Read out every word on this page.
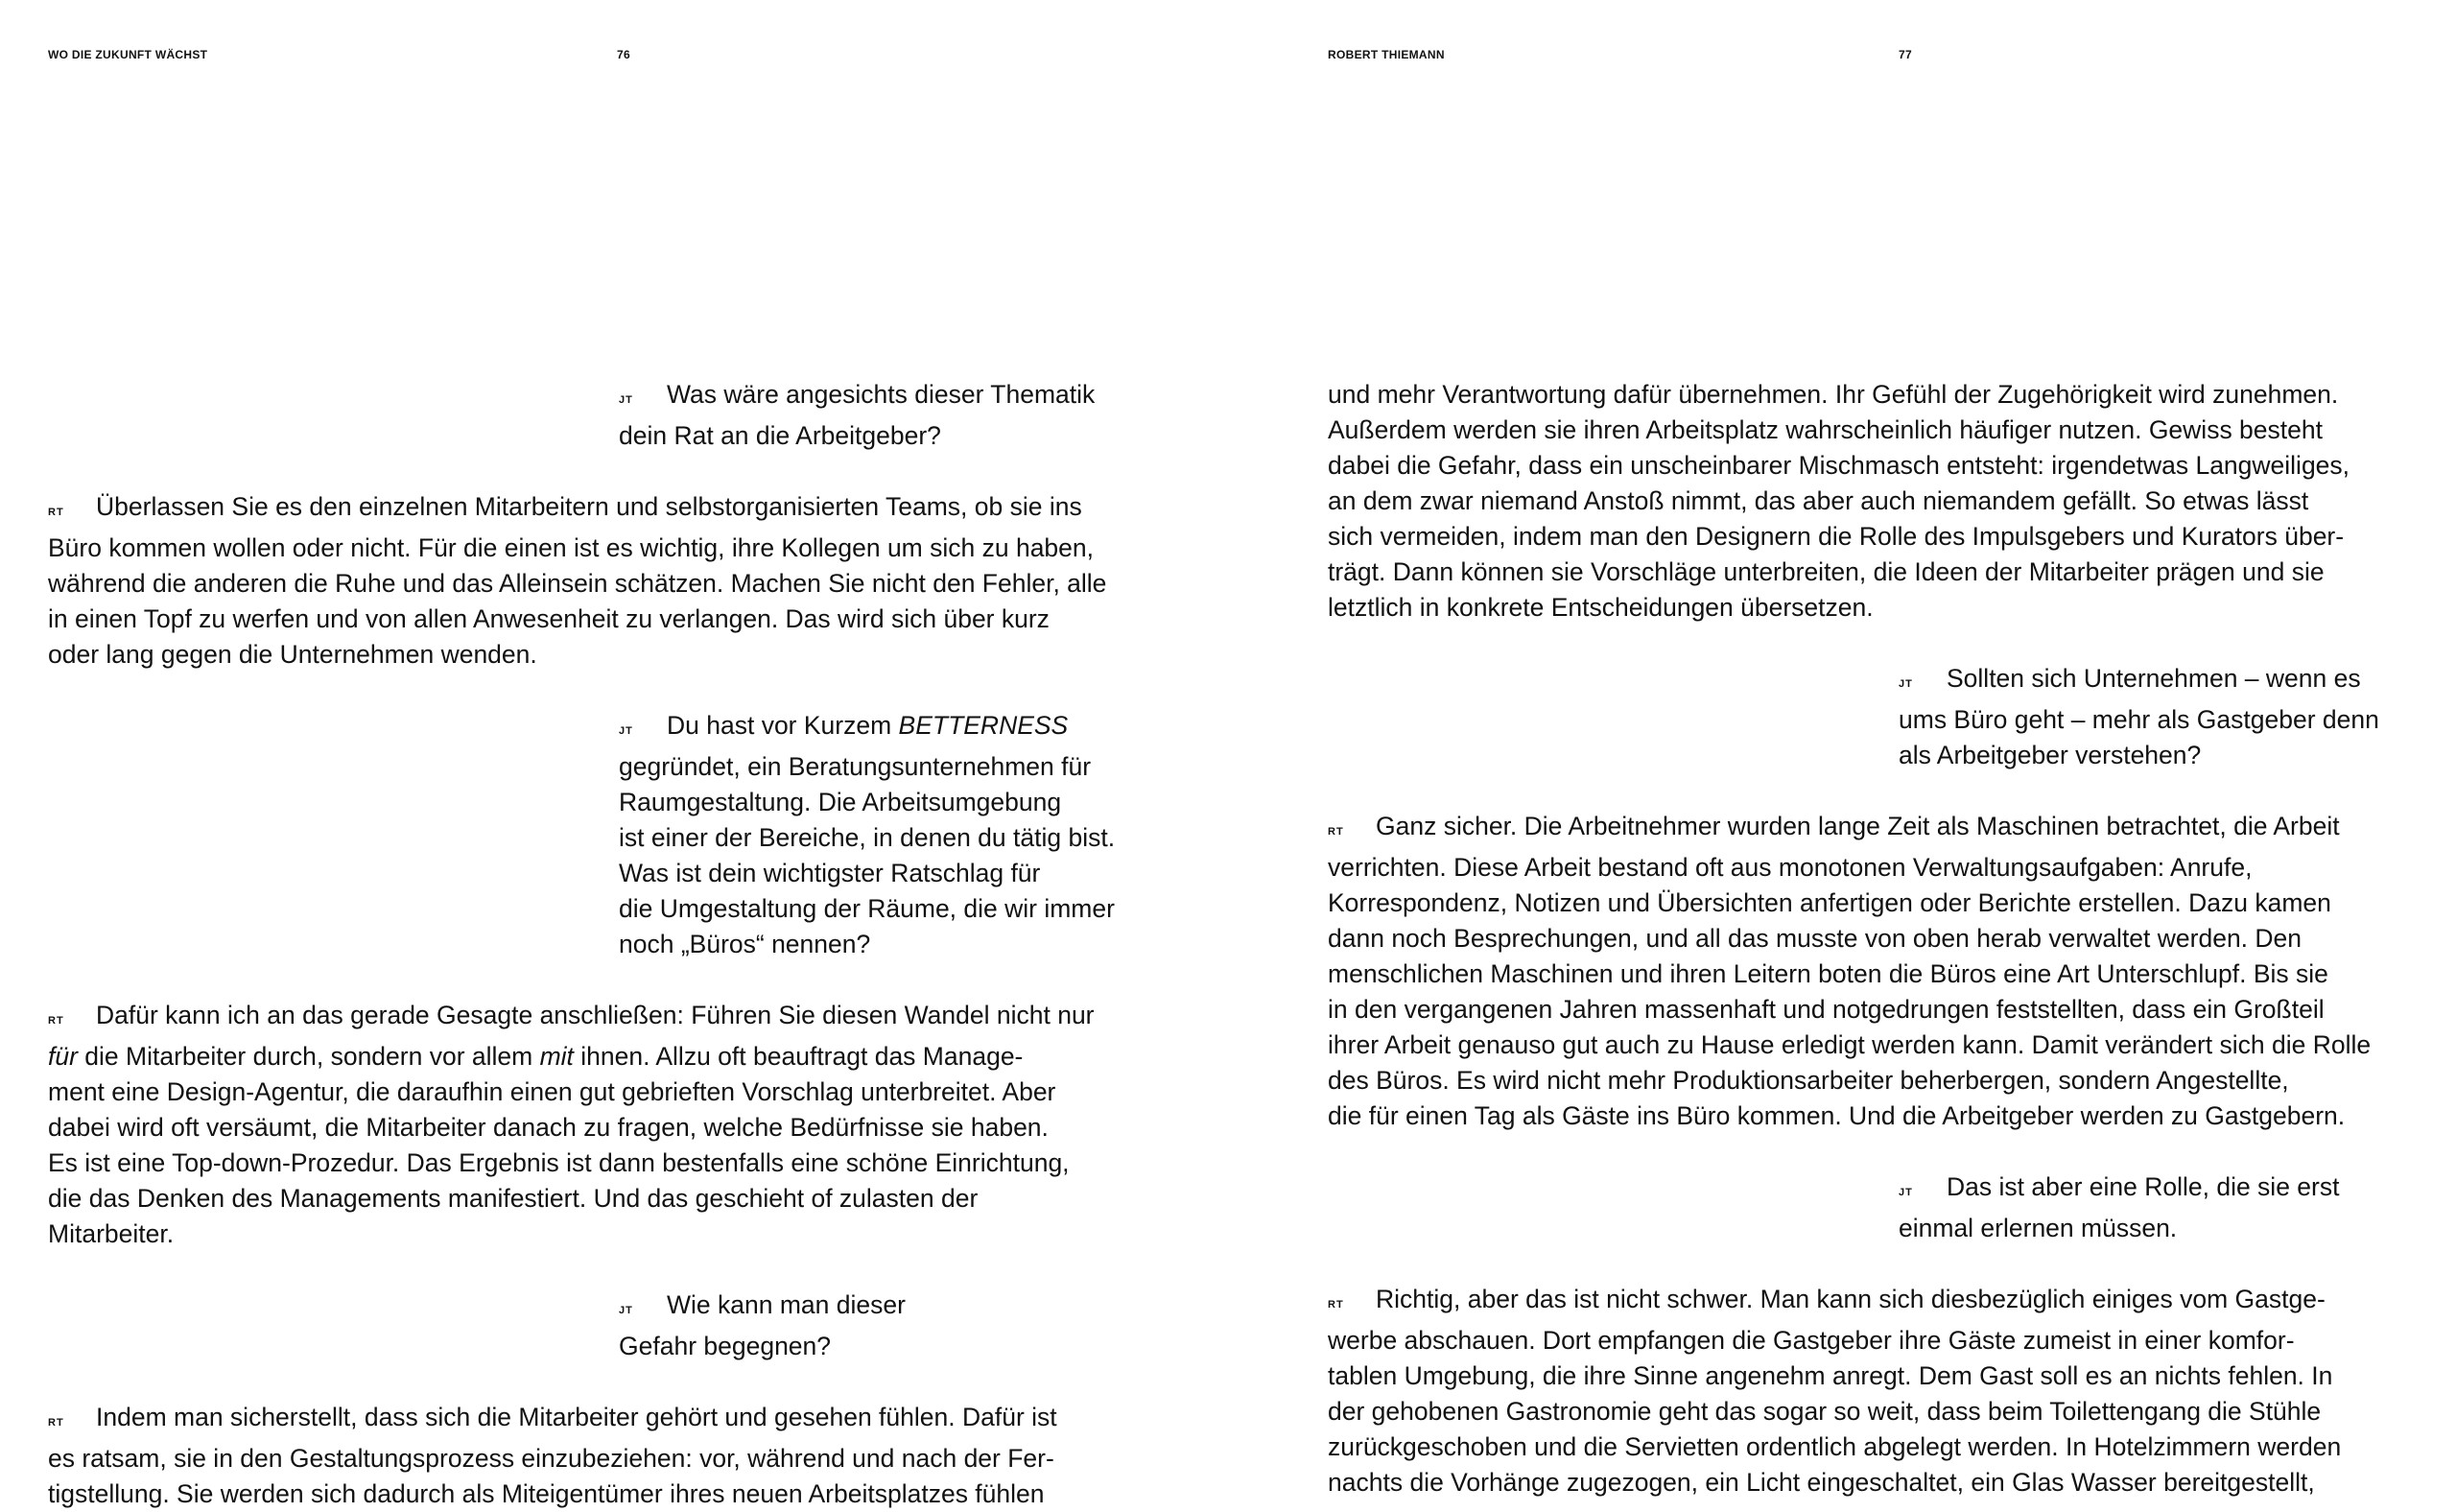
WO DIE ZUKUNFT WÄCHST	76	ROBERT THIEMANN	77
JT Was wäre angesichts dieser Thematik
dein Rat an die Arbeitgeber?
RT Überlassen Sie es den einzelnen Mitarbeitern und selbstorganisierten Teams, ob sie ins
Büro kommen wollen oder nicht. Für die einen ist es wichtig, ihre Kollegen um sich zu haben,
während die anderen die Ruhe und das Alleinsein schätzen. Machen Sie nicht den Fehler, alle
in einen Topf zu werfen und von allen Anwesenheit zu verlangen. Das wird sich über kurz
oder lang gegen die Unternehmen wenden.
JT Du hast vor Kurzem BETTERNESS
gegründet, ein Beratungsunternehmen für
Raumgestaltung. Die Arbeitsumgebung
ist einer der Bereiche, in denen du tätig bist.
Was ist dein wichtigster Ratschlag für
die Umgestaltung der Räume, die wir immer
noch „Büros“ nennen?
RT Dafür kann ich an das gerade Gesagte anschließen: Führen Sie diesen Wandel nicht nur
für die Mitarbeiter durch, sondern vor allem mit ihnen. Allzu oft beauftragt das Manage-
ment eine Design-Agentur, die daraufhin einen gut gebrieften Vorschlag unterbreitet. Aber
dabei wird oft versäumt, die Mitarbeiter danach zu fragen, welche Bedürfnisse sie haben.
Es ist eine Top-down-Prozedur. Das Ergebnis ist dann bestenfalls eine schöne Einrichtung,
die das Denken des Managements manifestiert. Und das geschieht of zulasten der
Mitarbeiter.
JT Wie kann man dieser
Gefahr begegnen?
RT Indem man sicherstellt, dass sich die Mitarbeiter gehört und gesehen fühlen. Dafür ist
es ratsam, sie in den Gestaltungsprozess einzubeziehen: vor, während und nach der Fer-
tigstellung. Sie werden sich dadurch als Miteigentümer ihres neuen Arbeitsplatzes fühlen
und mehr Verantwortung dafür übernehmen. Ihr Gefühl der Zugehörigkeit wird zunehmen.
Außerdem werden sie ihren Arbeitsplatz wahrscheinlich häufiger nutzen. Gewiss besteht
dabei die Gefahr, dass ein unscheinbarer Mischmasch entsteht: irgendetwas Langweiliges,
an dem zwar niemand Anstoß nimmt, das aber auch niemandem gefällt. So etwas lässt
sich vermeiden, indem man den Designern die Rolle des Impulsgebers und Kurators über-
trägt. Dann können sie Vorschläge unterbreiten, die Ideen der Mitarbeiter prägen und sie
letztlich in konkrete Entscheidungen übersetzen.
JT Sollten sich Unternehmen – wenn es
ums Büro geht – mehr als Gastgeber denn
als Arbeitgeber verstehen?
RT Ganz sicher. Die Arbeitnehmer wurden lange Zeit als Maschinen betrachtet, die Arbeit
verrichten. Diese Arbeit bestand oft aus monotonen Verwaltungsaufgaben: Anrufe,
Korrespondenz, Notizen und Übersichten anfertigen oder Berichte erstellen. Dazu kamen
dann noch Besprechungen, und all das musste von oben herab verwaltet werden. Den
menschlichen Maschinen und ihren Leitern boten die Büros eine Art Unterschlupf. Bis sie
in den vergangenen Jahren massenhaft und notgedrungen feststellten, dass ein Großteil
ihrer Arbeit genauso gut auch zu Hause erledigt werden kann. Damit verändert sich die Rolle
des Büros. Es wird nicht mehr Produktionsarbeiter beherbergen, sondern Angestellte,
die für einen Tag als Gäste ins Büro kommen. Und die Arbeitgeber werden zu Gastgebern.
JT Das ist aber eine Rolle, die sie erst
einmal erlernen müssen.
RT Richtig, aber das ist nicht schwer. Man kann sich diesbezüglich einiges vom Gastge-
werbe abschauen. Dort empfangen die Gastgeber ihre Gäste zumeist in einer komfor-
tablen Umgebung, die ihre Sinne angenehm anregt. Dem Gast soll es an nichts fehlen. In
der gehobenen Gastronomie geht das sogar so weit, dass beim Toilettengang die Stühle
zurückgeschoben und die Servietten ordentlich abgelegt werden. In Hotelzimmern werden
nachts die Vorhänge zugezogen, ein Licht eingeschaltet, ein Glas Wasser bereitgestellt,
